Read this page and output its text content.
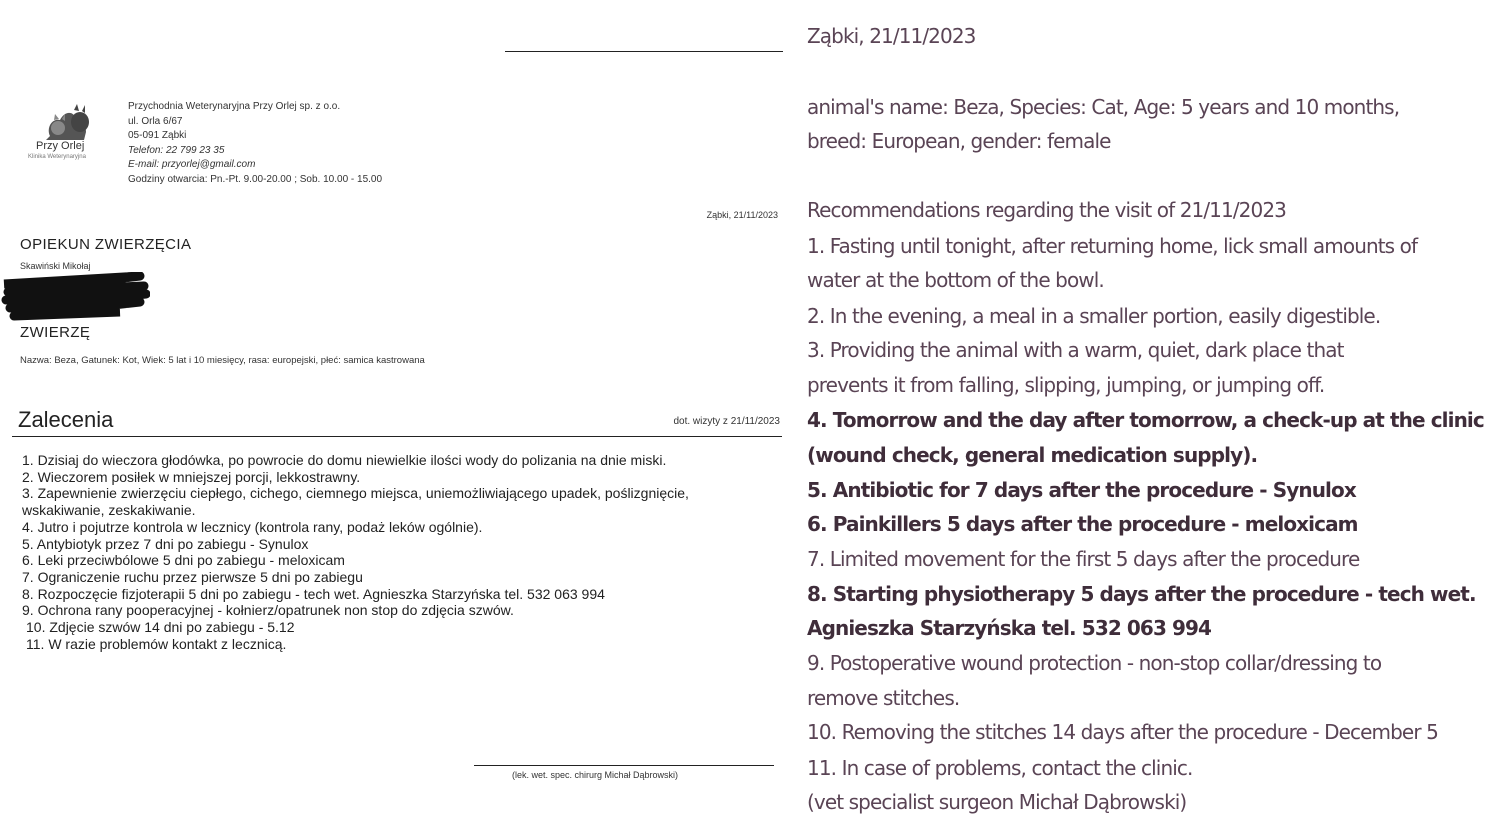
Przy Orlej
Klinika Weterynaryjna
Przychodnia Weterynaryjna Przy Orlej sp. z o.o.
ul. Orla 6/67
05-091 Ząbki
Telefon: 22 799 23 35
E-mail: przyorlej@gmail.com
Godziny otwarcia: Pn.-Pt. 9.00-20.00 ; Sob. 10.00 - 15.00
Ząbki, 21/11/2023
OPIEKUN ZWIERZĘCIA
Skawiński Mikołaj
ZWIERZĘ
Nazwa: Beza, Gatunek: Kot, Wiek: 5 lat i 10 miesięcy, rasa: europejski, płeć: samica kastrowana
Zalecenia	dot. wizyty z 21/11/2023
1. Dzisiaj do wieczora głodówka, po powrocie do domu niewielkie ilości wody do polizania na dnie miski.
2. Wieczorem posiłek w mniejszej porcji, lekkostrawny.
3. Zapewnienie zwierzęciu ciepłego, cichego, ciemnego miejsca, uniemożliwiającego upadek, poślizgnięcie, wskakiwanie, zeskakiwanie.
4. Jutro i pojutrze kontrola w lecznicy (kontrola rany, podaż leków ogólnie).
5. Antybiotyk przez 7 dni po zabiegu - Synulox
6. Leki przeciwbólowe 5 dni po zabiegu - meloxicam
7. Ograniczenie ruchu przez pierwsze 5 dni po zabiegu
8. Rozpoczęcie fizjoterapii 5 dni po zabiegu - tech wet. Agnieszka Starzyńska tel. 532 063 994
9. Ochrona rany pooperacyjnej - kołnierz/opatrunek non stop do zdjęcia szwów.
10. Zdjęcie szwów 14 dni po zabiegu - 5.12
11. W razie problemów kontakt z lecznicą.
(lek. wet. spec. chirurg Michał Dąbrowski)
Ząbki, 21/11/2023
animal's name: Beza, Species: Cat, Age: 5 years and 10 months,
breed: European, gender: female
Recommendations regarding the visit of 21/11/2023
1. Fasting until tonight, after returning home, lick small amounts of
water at the bottom of the bowl.
2. In the evening, a meal in a smaller portion, easily digestible.
3. Providing the animal with a warm, quiet, dark place that
prevents it from falling, slipping, jumping, or jumping off.
4. Tomorrow and the day after tomorrow, a check-up at the clinic
(wound check, general medication supply).
5. Antibiotic for 7 days after the procedure - Synulox
6. Painkillers 5 days after the procedure - meloxicam
7. Limited movement for the first 5 days after the procedure
8. Starting physiotherapy 5 days after the procedure - tech wet.
Agnieszka Starzyńska tel. 532 063 994
9. Postoperative wound protection - non-stop collar/dressing to
remove stitches.
10. Removing the stitches 14 days after the procedure - December 5
11. In case of problems, contact the clinic.
(vet specialist surgeon Michał Dąbrowski)
